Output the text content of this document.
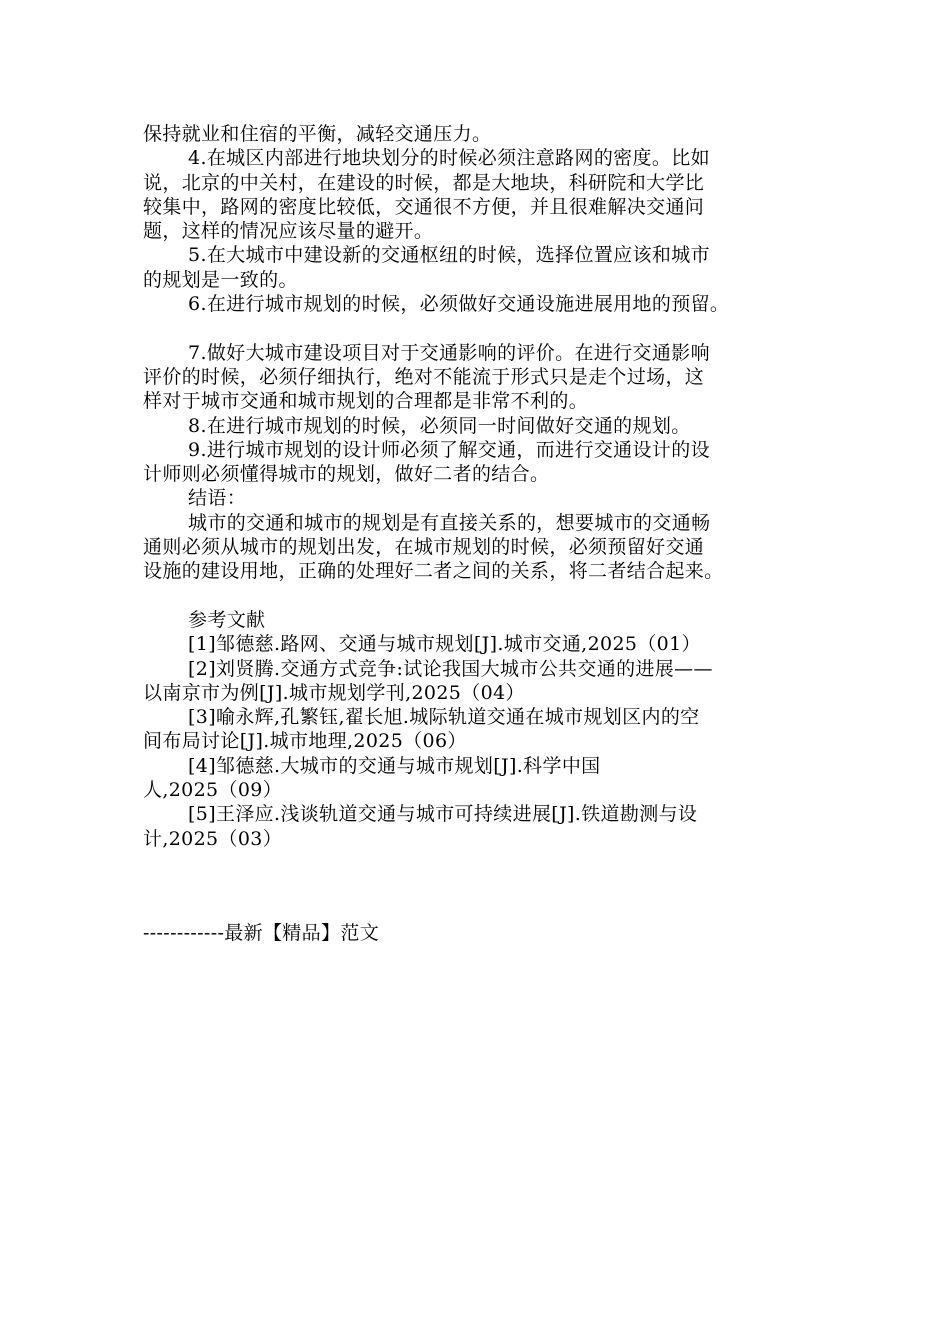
保持就业和住宿的平衡，减轻交通压力。
4.在城区内部进行地块划分的时候必须注意路网的密度。比如
说，北京的中关村，在建设的时候，都是大地块，科研院和大学比
较集中，路网的密度比较低，交通很不方便，并且很难解决交通问
题，这样的情况应该尽量的避开。
5.在大城市中建设新的交通枢纽的时候，选择位置应该和城市
的规划是一致的。
6.在进行城市规划的时候，必须做好交通设施进展用地的预留。
7.做好大城市建设项目对于交通影响的评价。在进行交通影响
评价的时候，必须仔细执行，绝对不能流于形式只是走个过场，这
样对于城市交通和城市规划的合理都是非常不利的。
8.在进行城市规划的时候，必须同一时间做好交通的规划。
9.进行城市规划的设计师必须了解交通，而进行交通设计的设
计师则必须懂得城市的规划，做好二者的结合。
结语：
城市的交通和城市的规划是有直接关系的，想要城市的交通畅
通则必须从城市的规划出发，在城市规划的时候，必须预留好交通
设施的建设用地，正确的处理好二者之间的关系，将二者结合起来。
参考文献
[1]邹德慈.路网、交通与城市规划[J].城市交通,2025（01）
[2]刘贤腾.交通方式竞争:试论我国大城市公共交通的进展——
以南京市为例[J].城市规划学刊,2025（04）
[3]喻永辉,孔繁钰,翟长旭.城际轨道交通在城市规划区内的空
间布局讨论[J].城市地理,2025（06）
[4]邹德慈.大城市的交通与城市规划[J].科学中国
人,2025（09）
[5]王泽应.浅谈轨道交通与城市可持续进展[J].铁道勘测与设
计,2025（03）
------------最新【精品】范文
